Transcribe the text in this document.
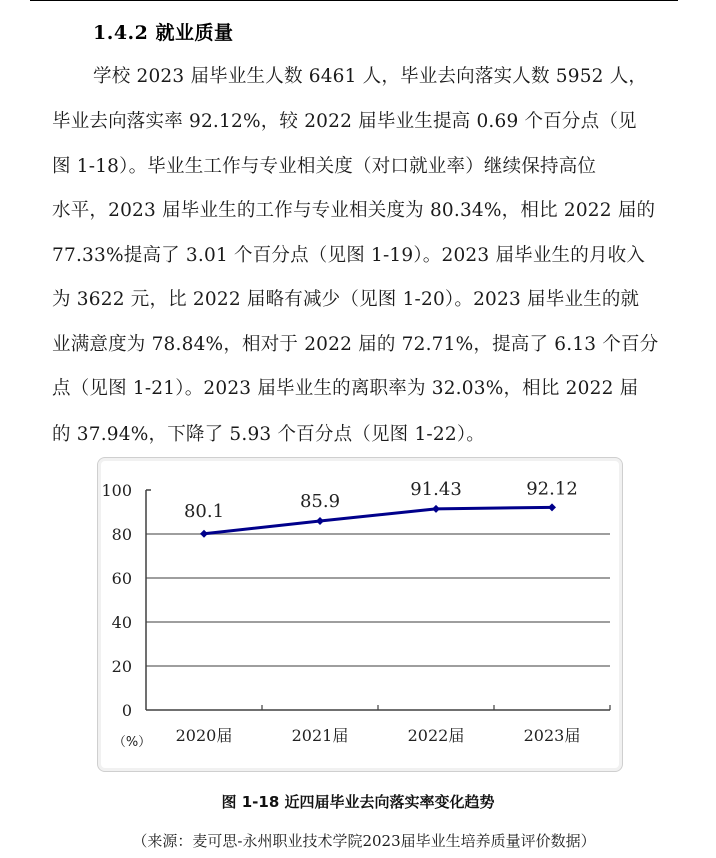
1.4.2 就业质量
学校 2023 届毕业生人数 6461 人，毕业去向落实人数 5952 人，
毕业去向落实率 92.12%，较 2022 届毕业生提高 0.69 个百分点（见
图 1-18）。毕业生工作与专业相关度（对口就业率）继续保持高位
水平，2023 届毕业生的工作与专业相关度为 80.34%，相比 2022 届的
77.33%提高了 3.01 个百分点（见图 1-19）。2023 届毕业生的月收入
为 3622 元，比 2022 届略有减少（见图 1-20）。2023 届毕业生的就
业满意度为 78.84%，相对于 2022 届的 72.71%，提高了 6.13 个百分
点（见图 1-21）。2023 届毕业生的离职率为 32.03%，相比 2022 届
的 37.94%，下降了 5.93 个百分点（见图 1-22）。
0
20
40
60
80
100
2020届	2021届	2022届	2023届
80.1	85.9
91.43	92.12
（%）
图 1-18 近四届毕业去向落实率变化趋势
（来源：麦可思-永州职业技术学院2023届毕业生培养质量评价数据）
